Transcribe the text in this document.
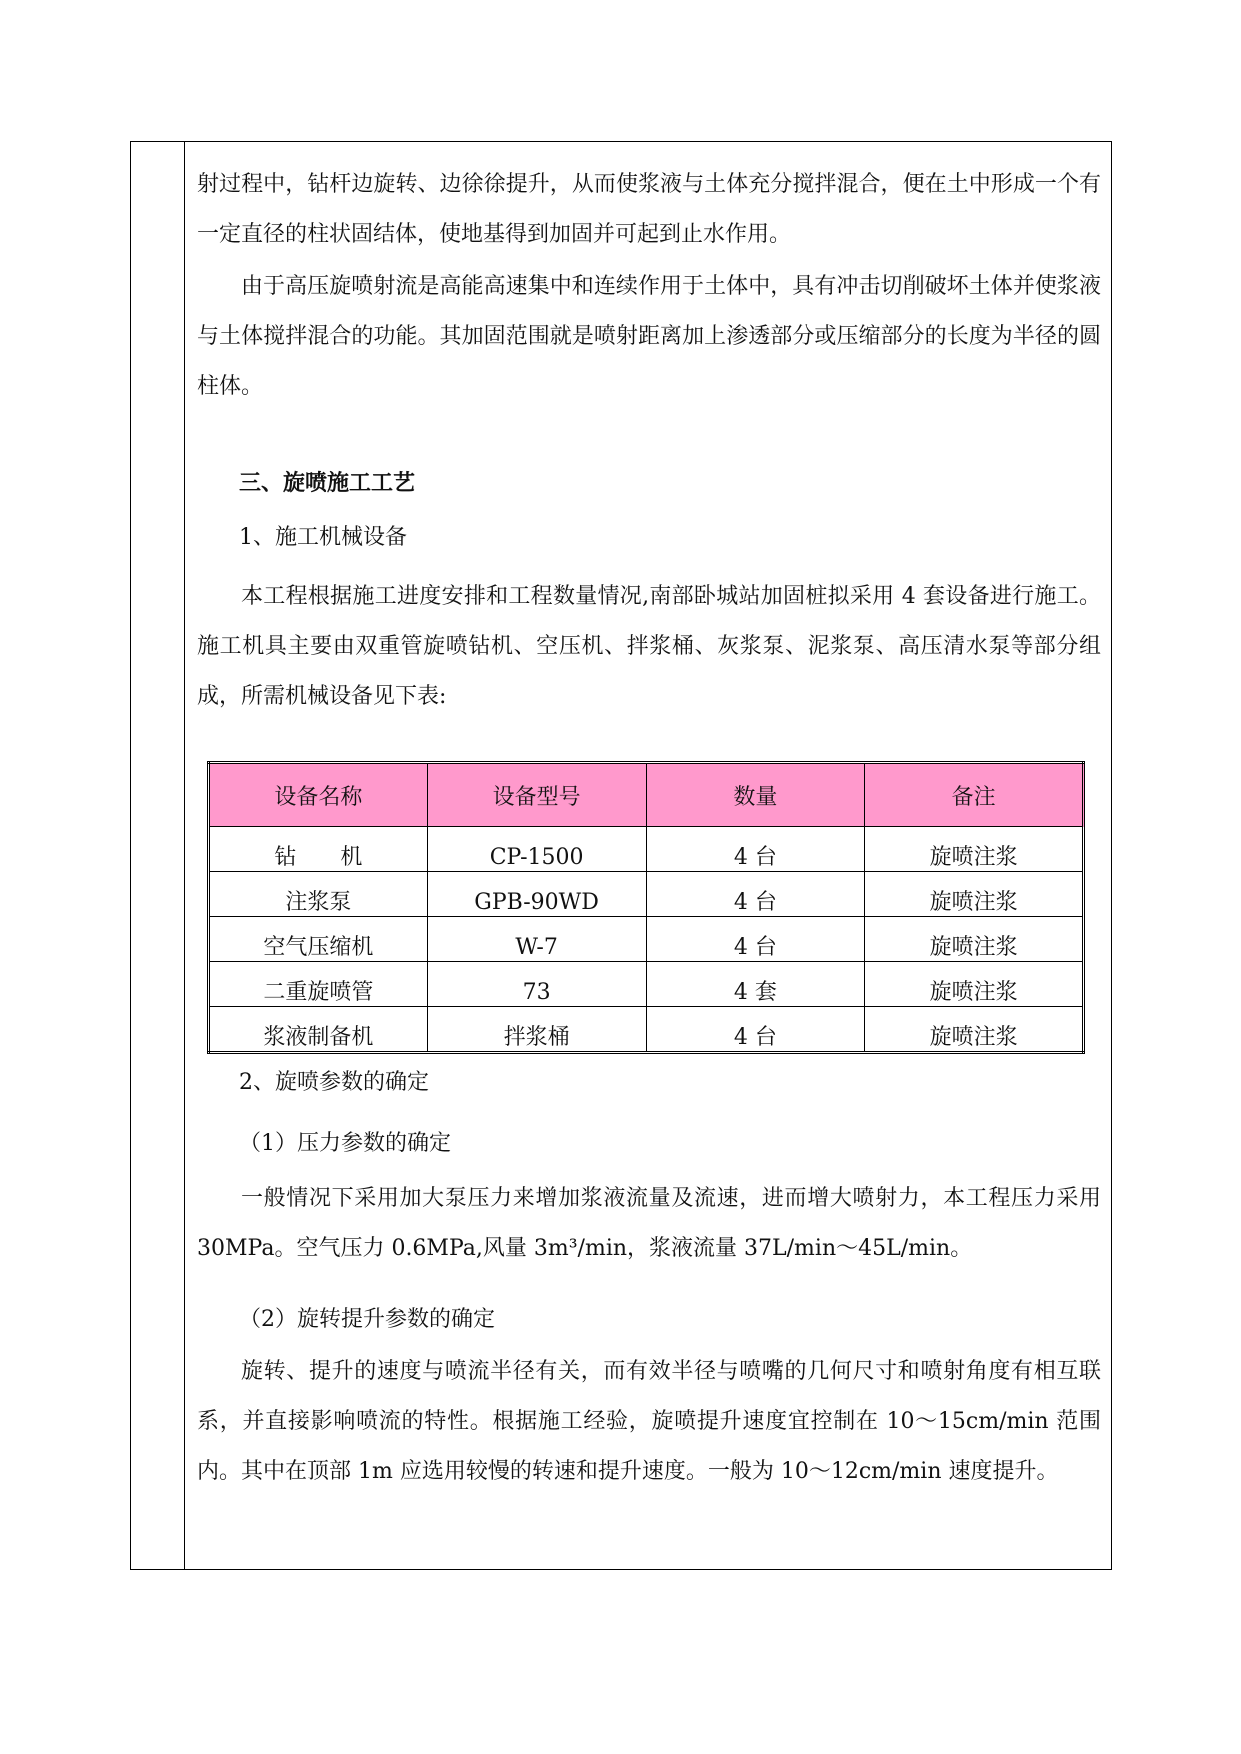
射过程中，钻杆边旋转、边徐徐提升，从而使浆液与土体充分搅拌混合，便在土中形成一个有一定直径的柱状固结体，使地基得到加固并可起到止水作用。

由于高压旋喷射流是高能高速集中和连续作用于土体中，具有冲击切削破坏土体并使浆液与土体搅拌混合的功能。其加固范围就是喷射距离加上渗透部分或压缩部分的长度为半径的圆柱体。

三、旋喷施工工艺

1、施工机械设备

本工程根据施工进度安排和工程数量情况,南部卧城站加固桩拟采用 4 套设备进行施工。施工机具主要由双重管旋喷钻机、空压机、拌浆桶、灰浆泵、泥浆泵、高压清水泵等部分组成，所需机械设备见下表:

设备名称	设备型号	数量	备注
钻　　机	CP-1500	4 台	旋喷注浆
注浆泵	GPB-90WD	4 台	旋喷注浆
空气压缩机	W-7	4 台	旋喷注浆
二重旋喷管	73	4 套	旋喷注浆
浆液制备机	拌浆桶	4 台	旋喷注浆

2、旋喷参数的确定

（1）压力参数的确定

一般情况下采用加大泵压力来增加浆液流量及流速，进而增大喷射力，本工程压力采用 30MPa。空气压力 0.6MPa,风量 3m³/min，浆液流量 37L/min～45L/min。

（2）旋转提升参数的确定

旋转、提升的速度与喷流半径有关，而有效半径与喷嘴的几何尺寸和喷射角度有相互联系，并直接影响喷流的特性。根据施工经验，旋喷提升速度宜控制在 10～15cm/min 范围内。其中在顶部 1m 应选用较慢的转速和提升速度。一般为 10～12cm/min 速度提升。
